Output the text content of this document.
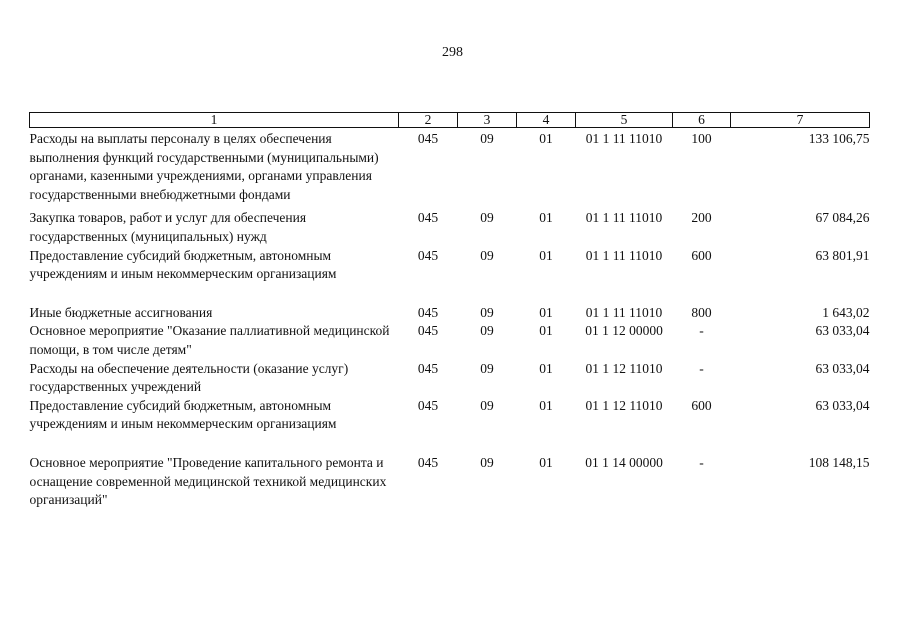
298
1	2	3	4	5	6	7
Расходы на выплаты персоналу в целях обеспечения выполнения функций государственными (муниципальными) органами, казенными учреждениями, органами управления государственными внебюджетными фондами	045	09	01	01 1 11 11010	100	133 106,75
Закупка товаров, работ и услуг для обеспечения государственных (муниципальных) нужд	045	09	01	01 1 11 11010	200	67 084,26
Предоставление субсидий бюджетным, автономным учреждениям и иным некоммерческим организациям	045	09	01	01 1 11 11010	600	63 801,91
Иные бюджетные ассигнования	045	09	01	01 1 11 11010	800	1 643,02
Основное мероприятие "Оказание паллиативной медицинской помощи, в том числе детям"	045	09	01	01 1 12 00000	-	63 033,04
Расходы на обеспечение деятельности (оказание услуг) государственных учреждений	045	09	01	01 1 12 11010	-	63 033,04
Предоставление субсидий бюджетным, автономным учреждениям и иным некоммерческим организациям	045	09	01	01 1 12 11010	600	63 033,04
Основное мероприятие "Проведение капитального ремонта и оснащение современной медицинской техникой медицинских организаций"	045	09	01	01 1 14 00000	-	108 148,15
